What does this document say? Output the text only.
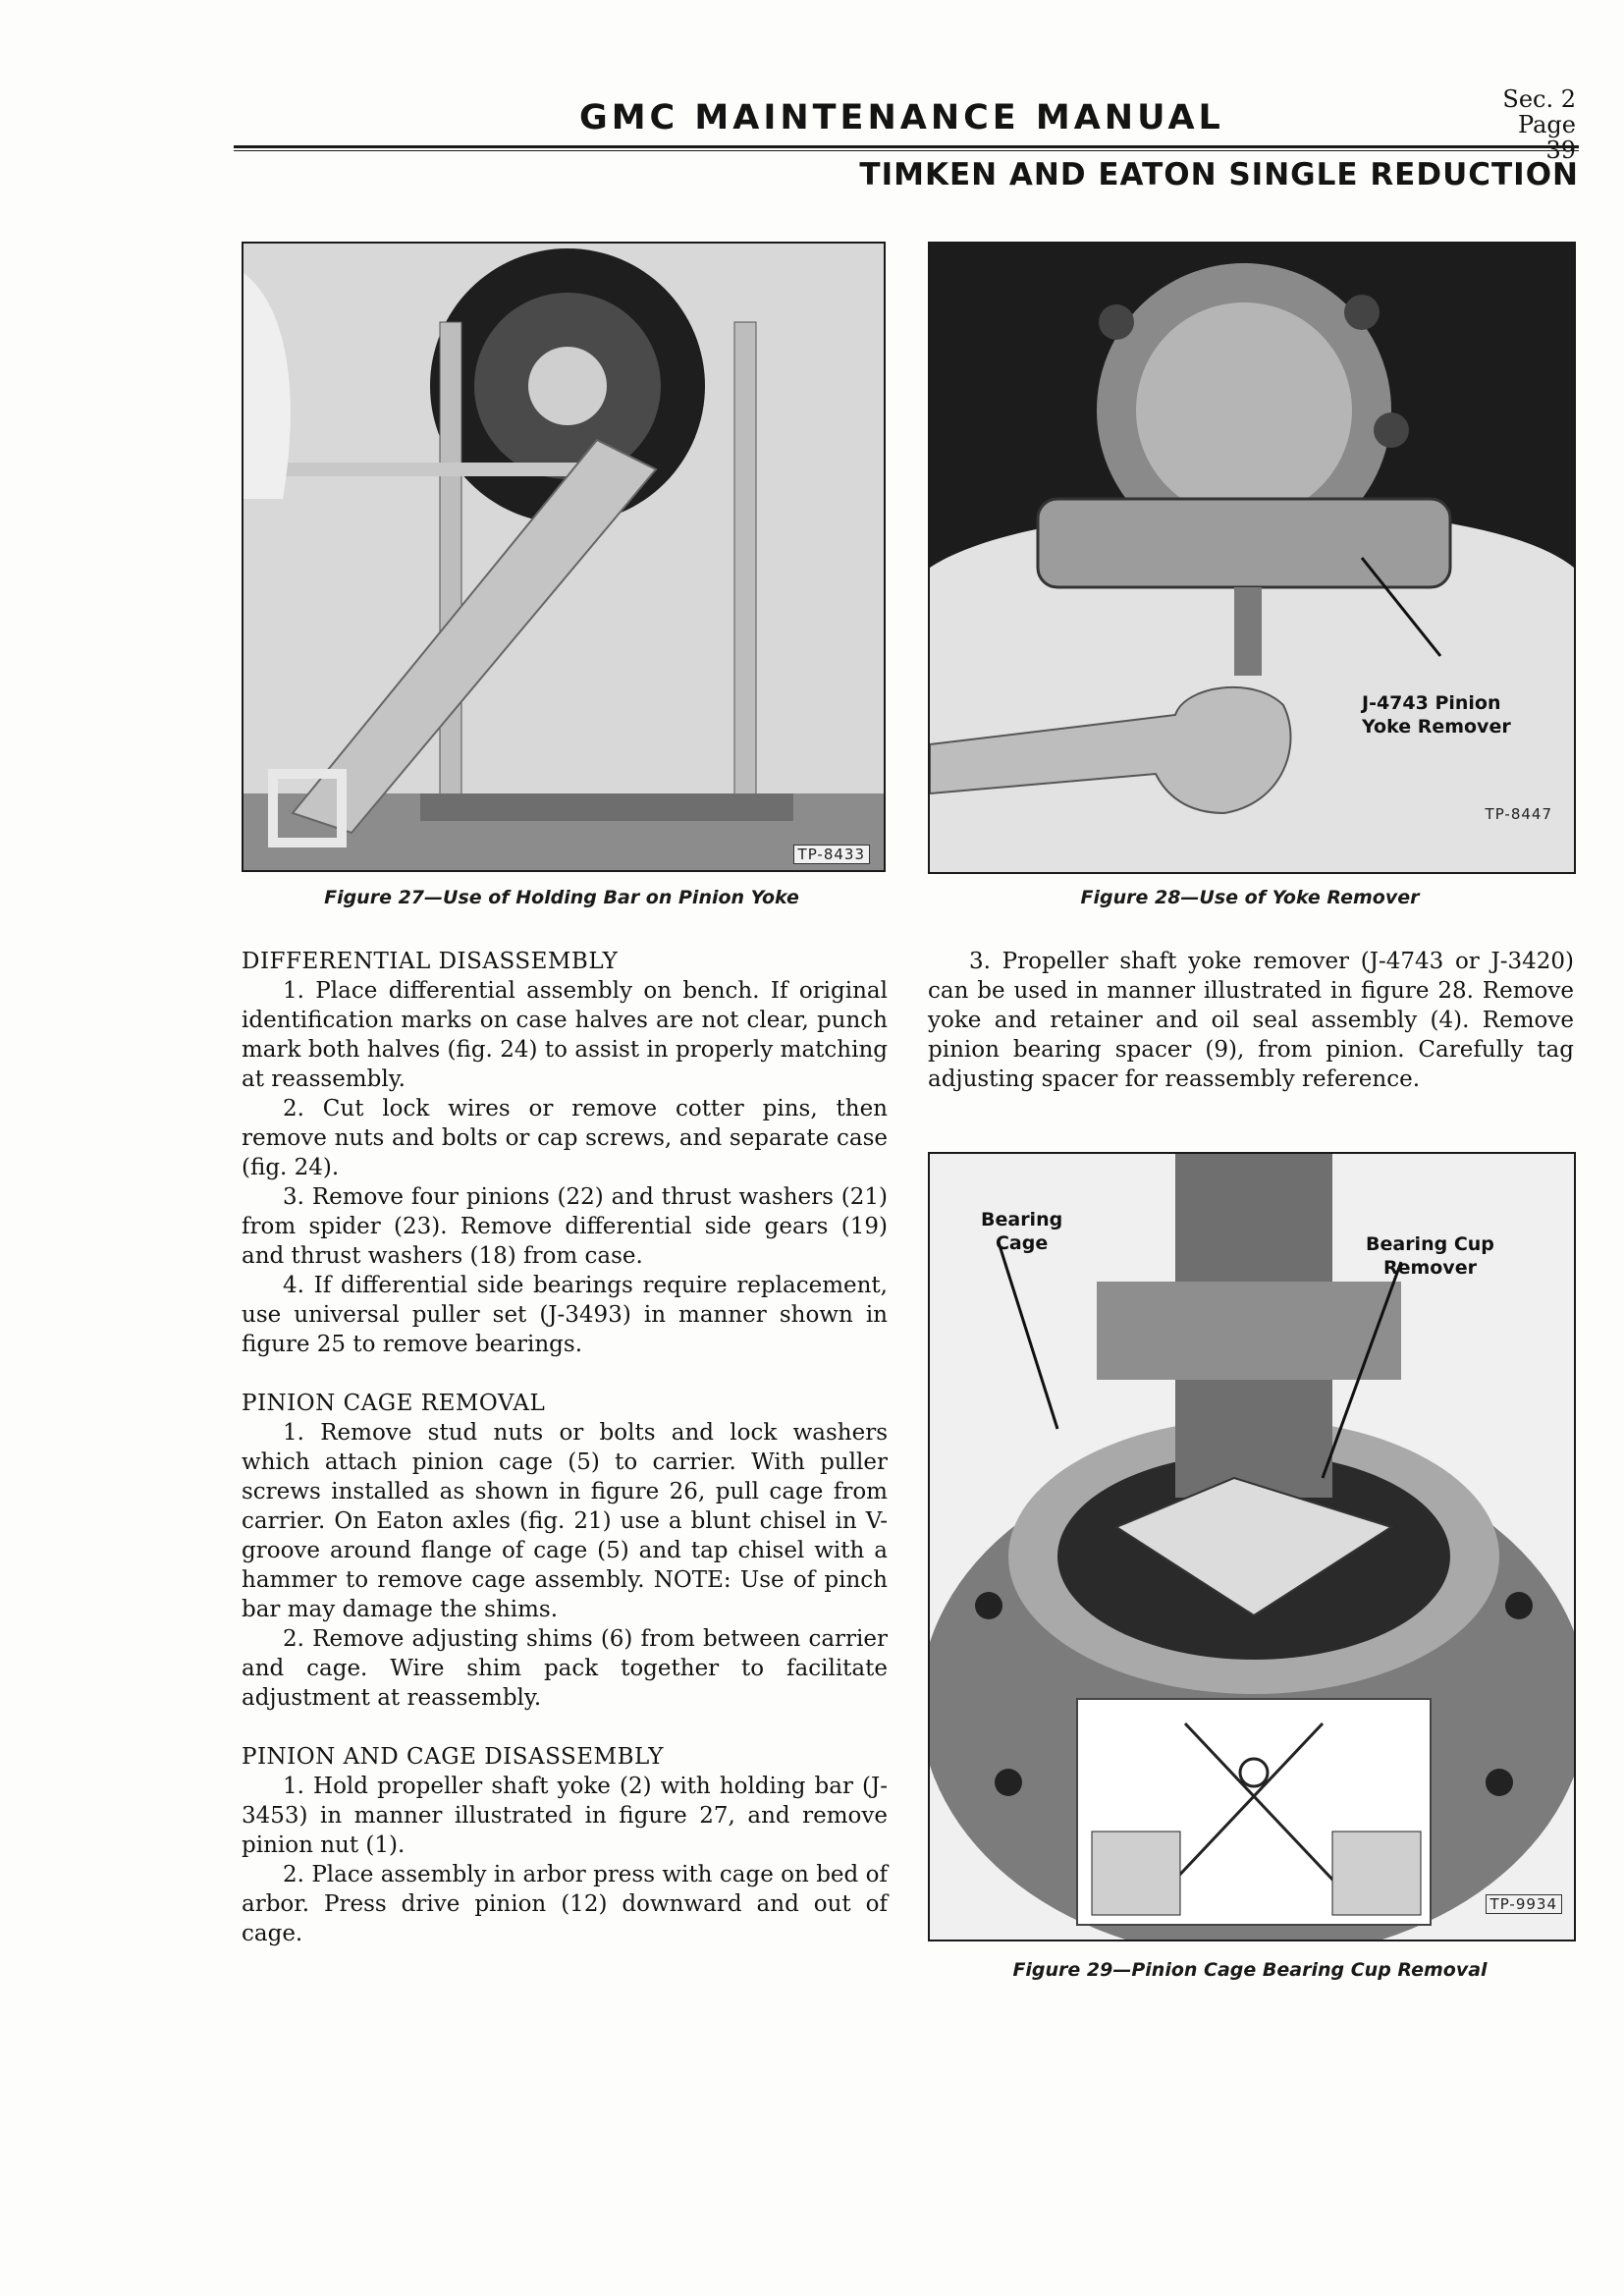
GMC MAINTENANCE MANUAL	Sec. 2
Page
TIMKEN AND EATON SINGLE REDUCTION
TP-8433
Figure 27—Use of Holding Bar on Pinion Yoke
J-4743 Pinion
Yoke Remover
TP-8447
Figure 28—Use of Yoke Remover

DIFFERENTIAL DISASSEMBLY

1. Place differential assembly on bench. If original identification marks on case halves are not clear, punch mark both halves (fig. 24) to assist in properly matching at reassembly.

2. Cut lock wires or remove cotter pins, then remove nuts and bolts or cap screws, and separate case (fig. 24).

3. Remove four pinions (22) and thrust washers (21) from spider (23). Remove differential side gears (19) and thrust washers (18) from case.

4. If differential side bearings require replacement, use universal puller set (J-3493) in manner shown in figure 25 to remove bearings.

PINION CAGE REMOVAL

1. Remove stud nuts or bolts and lock washers which attach pinion cage (5) to carrier. With puller screws installed as shown in figure 26, pull cage from carrier. On Eaton axles (fig. 21) use a blunt chisel in V-groove around flange of cage (5) and tap chisel with a hammer to remove cage assembly. NOTE: Use of pinch bar may damage the shims.

2. Remove adjusting shims (6) from between carrier and cage. Wire shim pack together to facilitate adjustment at reassembly.

PINION AND CAGE DISASSEMBLY

1. Hold propeller shaft yoke (2) with holding bar (J-3453) in manner illustrated in figure 27, and remove pinion nut (1).

2. Place assembly in arbor press with cage on bed of arbor. Press drive pinion (12) downward and out of cage.

3. Propeller shaft yoke remover (J-4743 or J-3420) can be used in manner illustrated in figure 28. Remove yoke and retainer and oil seal assembly (4). Remove pinion bearing spacer (9), from pinion. Carefully tag adjusting spacer for reassembly reference.

Bearing
Cage	Bearing Cup
Remover
TP-9934
Figure 29—Pinion Cage Bearing Cup Removal
